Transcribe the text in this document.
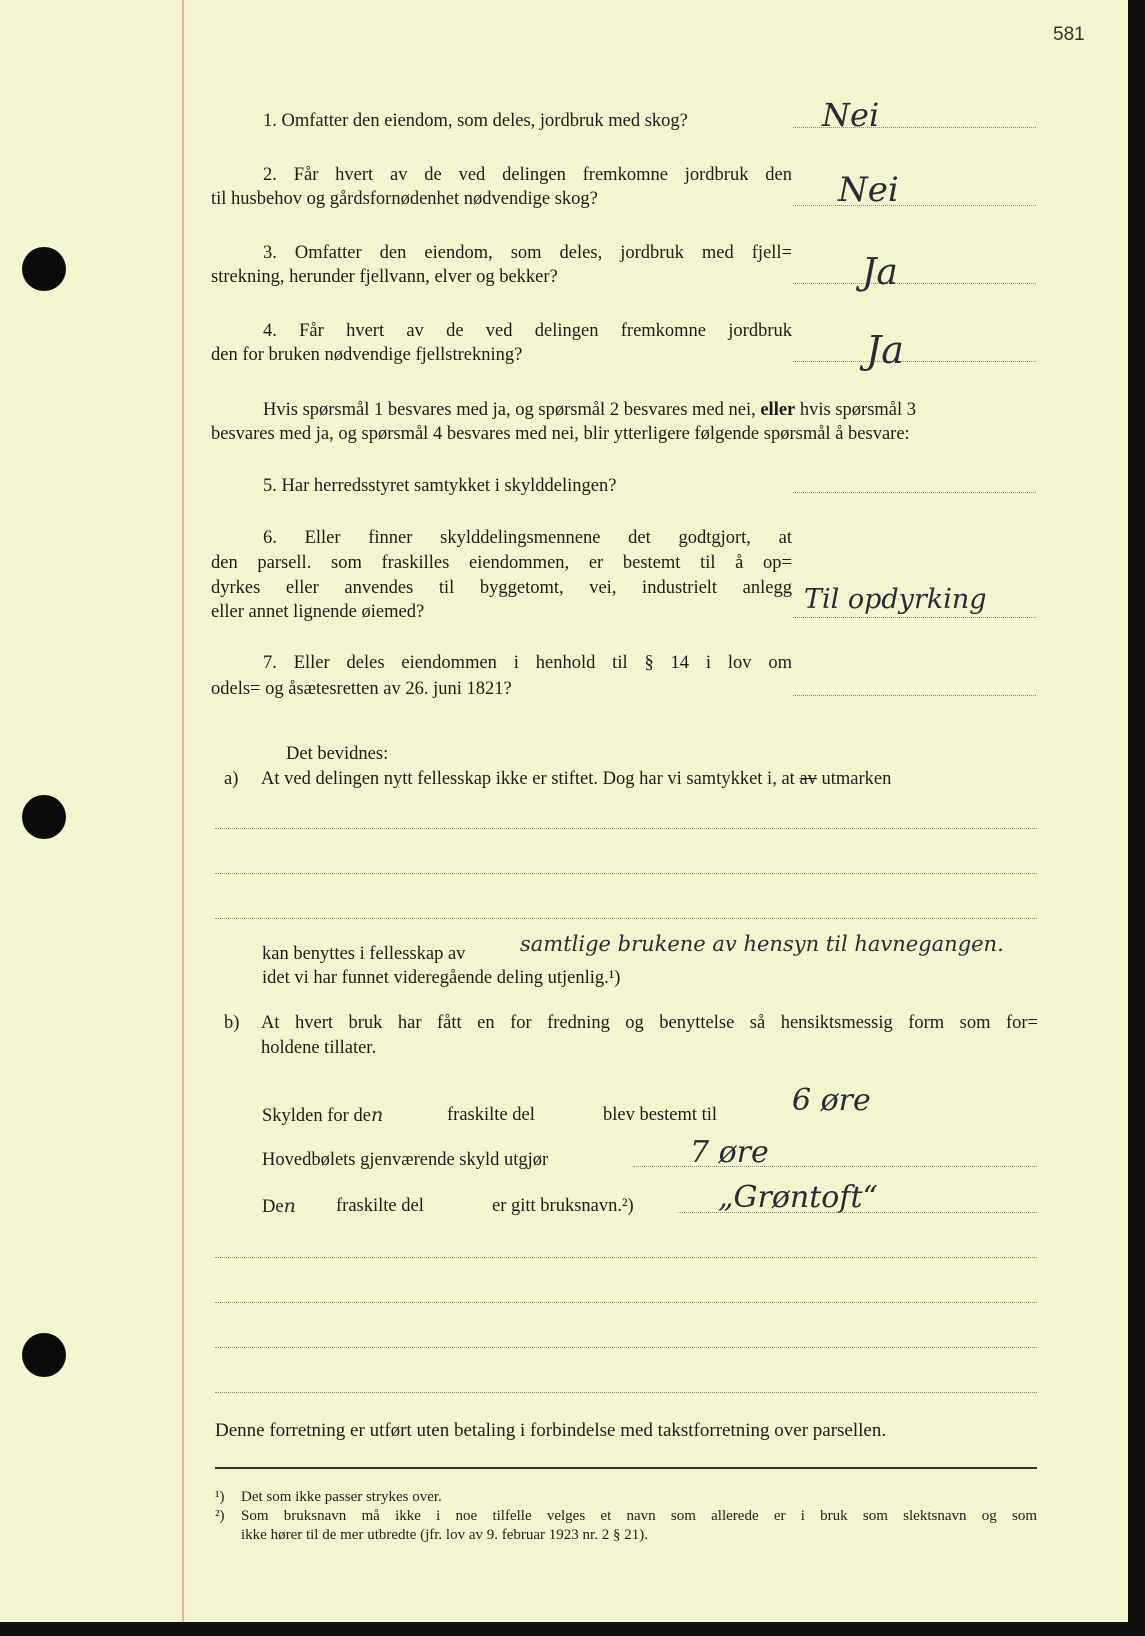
581
1. Omfatter den eiendom, som deles, jordbruk med skog?	Nei
2. Får hvert av de ved delingen fremkomne jordbruk den
til husbehov og gårdsfornødenhet nødvendige skog?	Nei
3. Omfatter den eiendom, som deles, jordbruk med fjell=
strekning, herunder fjellvann, elver og bekker?	Ja
4. Får hvert av de ved delingen fremkomne jordbruk
den for bruken nødvendige fjellstrekning?	Ja
Hvis spørsmål 1 besvares med ja, og spørsmål 2 besvares med nei, eller hvis spørsmål 3
besvares med ja, og spørsmål 4 besvares med nei, blir ytterligere følgende spørsmål å besvare:
5. Har herredsstyret samtykket i skylddelingen?
6. Eller finner skylddelingsmennene det godtgjort, at
den parsell. som fraskilles eiendommen, er bestemt til å op=
dyrkes eller anvendes til byggetomt, vei, industrielt anlegg
eller annet lignende øiemed?	Til opdyrking
7. Eller deles eiendommen i henhold til § 14 i lov om
odels= og åsætesretten av 26. juni 1821?
Det bevidnes:
a) At ved delingen nytt fellesskap ikke er stiftet. Dog har vi samtykket i, at av utmarken
kan benyttes i fellesskap av	samtlige brukene av hensyn til havnegangen.
idet vi har funnet videregående deling utjenlig.¹)
b) At hvert bruk har fått en for fredning og benyttelse så hensiktsmessig form som for=
holdene tillater.
Skylden for den	fraskilte del	blev bestemt til 6 øre
Hovedbølets gjenværende skyld utgjør	7 øre
Den fraskilte del	er gitt bruksnavn.²)	„Grøntoft“
Denne forretning er utført uten betaling i forbindelse med takstforretning over parsellen.
¹) Det som ikke passer strykes over.
²) Som bruksnavn må ikke i noe tilfelle velges et navn som allerede er i bruk som slektsnavn og som
ikke hører til de mer utbredte (jfr. lov av 9. februar 1923 nr. 2 § 21).
